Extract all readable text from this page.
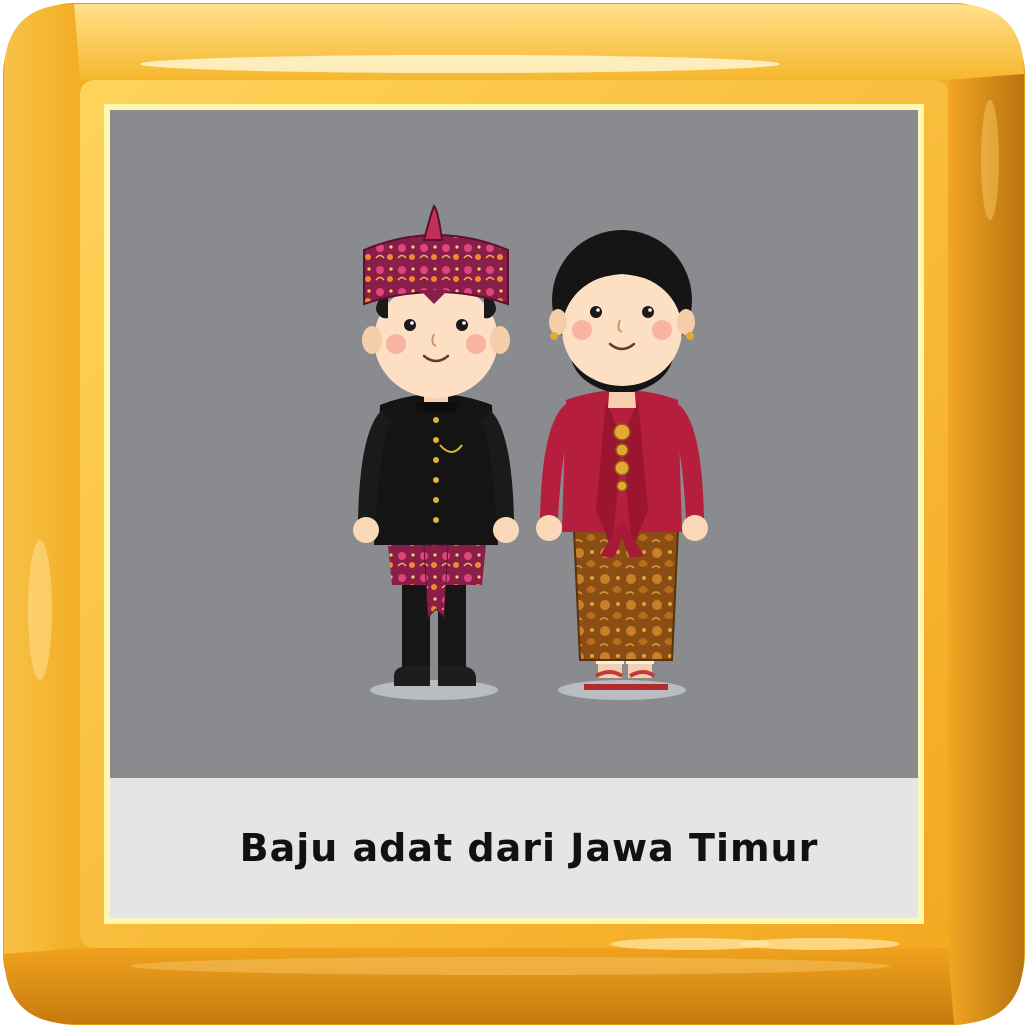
Baju adat dari Jawa Timur
